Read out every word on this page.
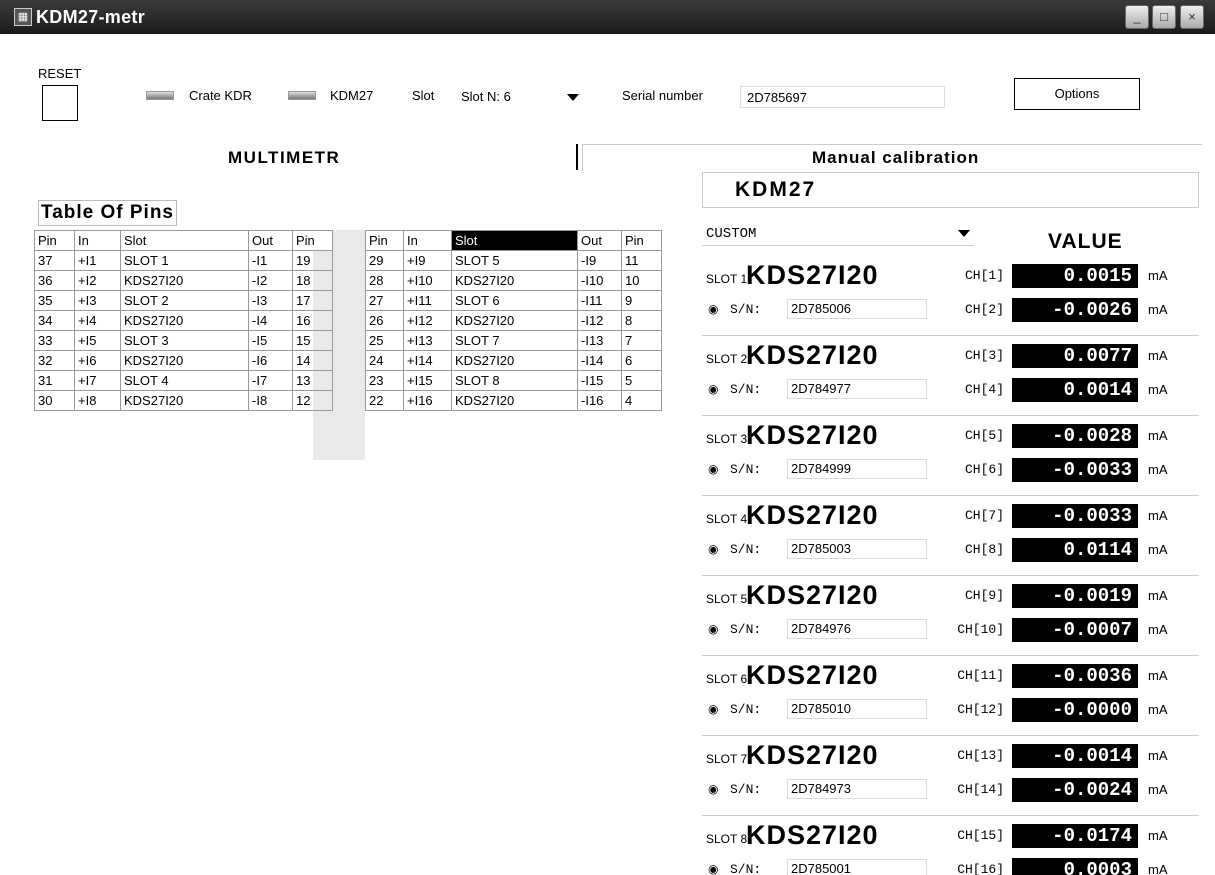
▦ KDM27-metr	_	□	×
RESET
Crate KDR	KDM27	Slot	Slot N: 6	Serial number	2D785697	Options
MULTIMETR	Manual calibration
Table Of Pins
Pin	In	Slot	Out	Pin
37	+I1	SLOT 1	-I1	19
36	+I2	KDS27I20	-I2	18
35	+I3	SLOT 2	-I3	17
34	+I4	KDS27I20	-I4	16
33	+I5	SLOT 3	-I5	15
32	+I6	KDS27I20	-I6	14
31	+I7	SLOT 4	-I7	13
30	+I8	KDS27I20	-I8	12
Pin	In	Slot	Out	Pin
29	+I9	SLOT 5	-I9	11
28	+I10	KDS27I20	-I10	10
27	+I11	SLOT 6	-I11	9
26	+I12	KDS27I20	-I12	8
25	+I13	SLOT 7	-I13	7
24	+I14	KDS27I20	-I14	6
23	+I15	SLOT 8	-I15	5
22	+I16	KDS27I20	-I16	4
KDM27
CUSTOM	VALUE
SLOT 1
KDS27I20
◉ S/N:	2D785006
CH[1]	0.0015	mA
CH[2]	-0.0026	mA
SLOT 2
KDS27I20
◉ S/N:	2D784977
CH[3]	0.0077	mA
CH[4]	0.0014	mA
SLOT 3
KDS27I20
◉ S/N:	2D784999
CH[5]	-0.0028	mA
CH[6]	-0.0033	mA
SLOT 4
KDS27I20
◉ S/N:	2D785003
CH[7]	-0.0033	mA
CH[8]	0.0114	mA
SLOT 5
KDS27I20
◉ S/N:	2D784976
CH[9]	-0.0019	mA
CH[10]	-0.0007	mA
SLOT 6
KDS27I20
◉ S/N:	2D785010
CH[11]	-0.0036	mA
CH[12]	-0.0000	mA
SLOT 7
KDS27I20
◉ S/N:	2D784973
CH[13]	-0.0014	mA
CH[14]	-0.0024	mA
SLOT 8
KDS27I20
◉ S/N:	2D785001
CH[15]	-0.0174	mA
CH[16]	0.0003	mA
